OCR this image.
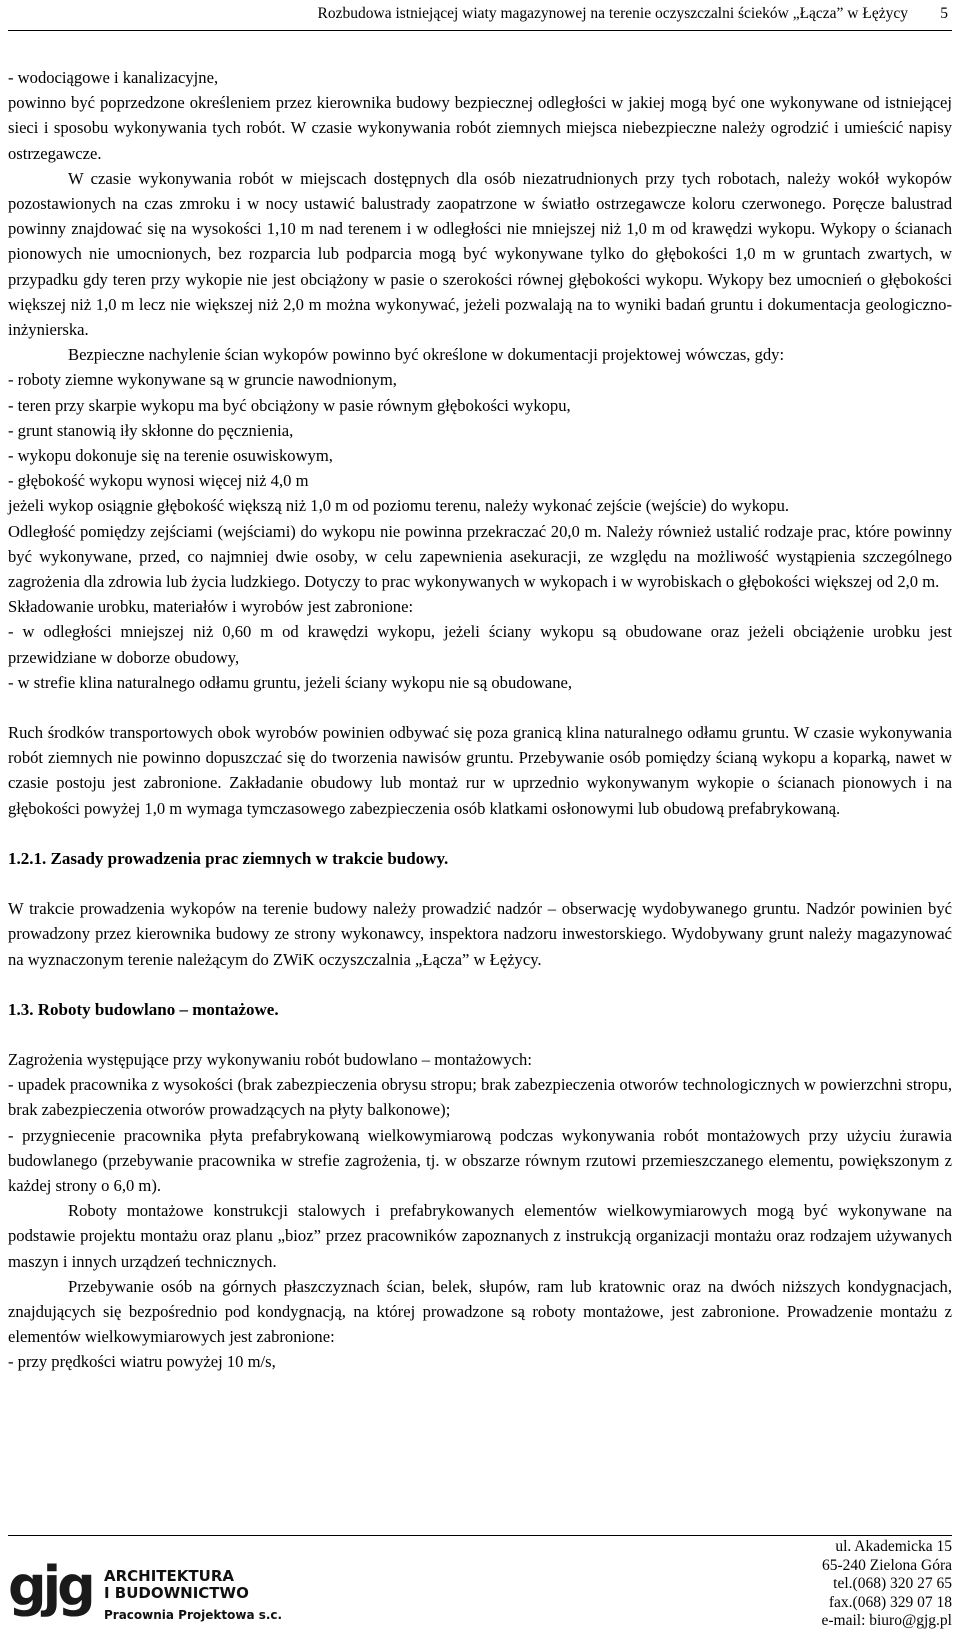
Rozbudowa istniejącej wiaty magazynowej na terenie oczyszczalni ścieków „Łącza” w Łężycy 5

- wodociągowe i kanalizacyjne,

powinno być poprzedzone określeniem przez kierownika budowy bezpiecznej odległości w jakiej mogą być one wykonywane od istniejącej sieci i sposobu wykonywania tych robót. W czasie wykonywania robót ziemnych miejsca niebezpieczne należy ogrodzić i umieścić napisy ostrzegawcze.

W czasie wykonywania robót w miejscach dostępnych dla osób niezatrudnionych przy tych robotach, należy wokół wykopów pozostawionych na czas zmroku i w nocy ustawić balustrady zaopatrzone w światło ostrzegawcze koloru czerwonego. Poręcze balustrad powinny znajdować się na wysokości 1,10 m nad terenem i w odległości nie mniejszej niż 1,0 m od krawędzi wykopu. Wykopy o ścianach pionowych nie umocnionych, bez rozparcia lub podparcia mogą być wykonywane tylko do głębokości 1,0 m w gruntach zwartych, w przypadku gdy teren przy wykopie nie jest obciążony w pasie o szerokości równej głębokości wykopu. Wykopy bez umocnień o głębokości większej niż 1,0 m lecz nie większej niż 2,0 m można wykonywać, jeżeli pozwalają na to wyniki badań gruntu i dokumentacja geologiczno-inżynierska.

Bezpieczne nachylenie ścian wykopów powinno być określone w dokumentacji projektowej wówczas, gdy:

- roboty ziemne wykonywane są w gruncie nawodnionym,

- teren przy skarpie wykopu ma być obciążony w pasie równym głębokości wykopu,

- grunt stanowią iły skłonne do pęcznienia,

- wykopu dokonuje się na terenie osuwiskowym,

- głębokość wykopu wynosi więcej niż 4,0 m

jeżeli wykop osiągnie głębokość większą niż 1,0 m od poziomu terenu, należy wykonać zejście (wejście) do wykopu.

Odległość pomiędzy zejściami (wejściami) do wykopu nie powinna przekraczać 20,0 m. Należy również ustalić rodzaje prac, które powinny być wykonywane, przed, co najmniej dwie osoby, w celu zapewnienia asekuracji, ze względu na możliwość wystąpienia szczególnego zagrożenia dla zdrowia lub życia ludzkiego. Dotyczy to prac wykonywanych w wykopach i w wyrobiskach o głębokości większej od 2,0 m.

Składowanie urobku, materiałów i wyrobów jest zabronione:

- w odległości mniejszej niż 0,60 m od krawędzi wykopu, jeżeli ściany wykopu są obudowane oraz jeżeli obciążenie urobku jest przewidziane w doborze obudowy,

- w strefie klina naturalnego odłamu gruntu, jeżeli ściany wykopu nie są obudowane,

Ruch środków transportowych obok wyrobów powinien odbywać się poza granicą klina naturalnego odłamu gruntu. W czasie wykonywania robót ziemnych nie powinno dopuszczać się do tworzenia nawisów gruntu. Przebywanie osób pomiędzy ścianą wykopu a koparką, nawet w czasie postoju jest zabronione. Zakładanie obudowy lub montaż rur w uprzednio wykonywanym wykopie o ścianach pionowych i na głębokości powyżej 1,0 m wymaga tymczasowego zabezpieczenia osób klatkami osłonowymi lub obudową prefabrykowaną.

1.2.1. Zasady prowadzenia prac ziemnych w trakcie budowy.

W trakcie prowadzenia wykopów na terenie budowy należy prowadzić nadzór – obserwację wydobywanego gruntu. Nadzór powinien być prowadzony przez kierownika budowy ze strony wykonawcy, inspektora nadzoru inwestorskiego. Wydobywany grunt należy magazynować na wyznaczonym terenie należącym do ZWiK oczyszczalnia „Łącza” w Łężycy.

1.3. Roboty budowlano – montażowe.

Zagrożenia występujące przy wykonywaniu robót budowlano – montażowych:

- upadek pracownika z wysokości (brak zabezpieczenia obrysu stropu; brak zabezpieczenia otworów technologicznych w powierzchni stropu, brak zabezpieczenia otworów prowadzących na płyty balkonowe);

- przygniecenie pracownika płyta prefabrykowaną wielkowymiarową podczas wykonywania robót montażowych przy użyciu żurawia budowlanego (przebywanie pracownika w strefie zagrożenia, tj. w obszarze równym rzutowi przemieszczanego elementu, powiększonym z każdej strony o 6,0 m).

Roboty montażowe konstrukcji stalowych i prefabrykowanych elementów wielkowymiarowych mogą być wykonywane na podstawie projektu montażu oraz planu „bioz” przez pracowników zapoznanych z instrukcją organizacji montażu oraz rodzajem używanych maszyn i innych urządzeń technicznych.

Przebywanie osób na górnych płaszczyznach ścian, belek, słupów, ram lub kratownic oraz na dwóch niższych kondygnacjach, znajdujących się bezpośrednio pod kondygnacją, na której prowadzone są roboty montażowe, jest zabronione. Prowadzenie montażu z elementów wielkowymiarowych jest zabronione:

- przy prędkości wiatru powyżej 10 m/s,

gjg ARCHITEKTURA
I BUDOWNICTWO
Pracownia Projektowa s.c.
ul. Akademicka 15
65-240 Zielona Góra
tel.(068) 320 27 65
fax.(068) 329 07 18
e-mail: biuro@gjg.pl
